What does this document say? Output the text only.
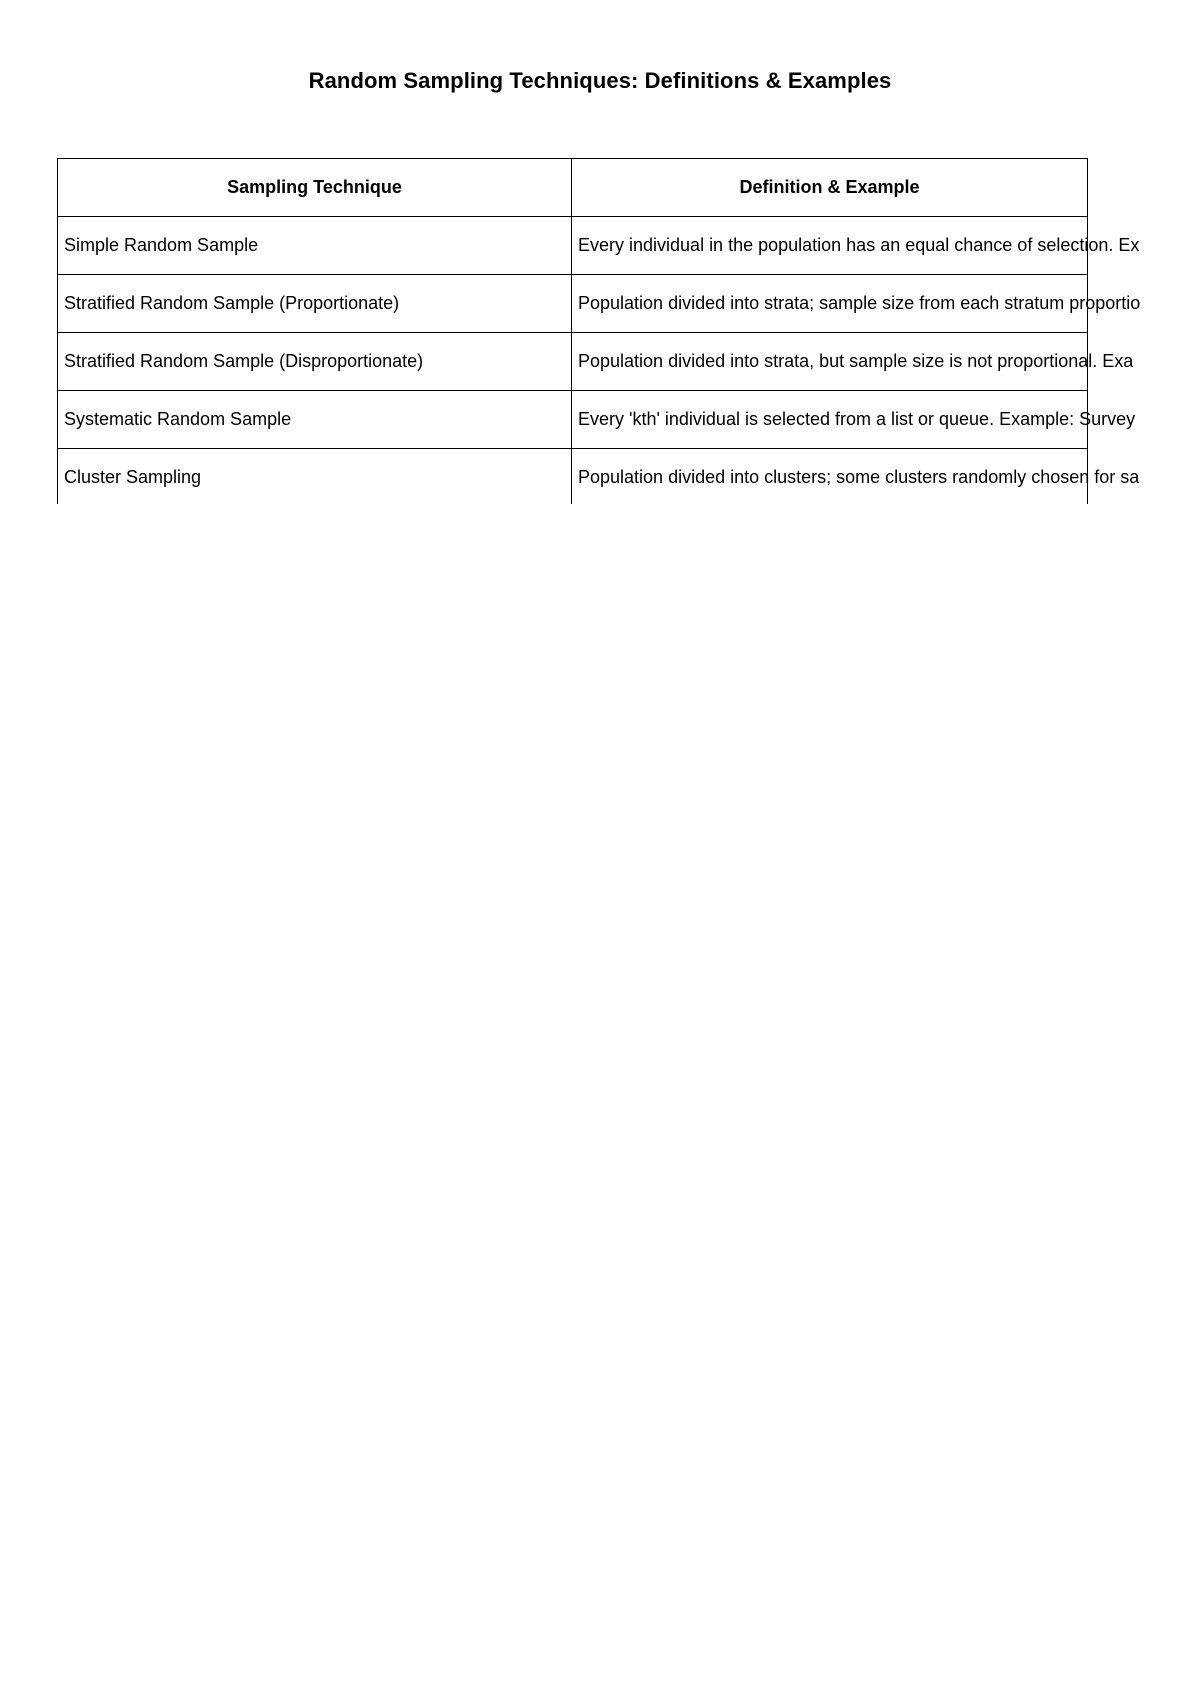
Random Sampling Techniques: Definitions & Examples
Sampling Technique	Definition & Example
Simple Random Sample	Every individual in the population has an equal chance of selection. Ex
Stratified Random Sample (Proportionate)	Population divided into strata; sample size from each stratum proportio
Stratified Random Sample (Disproportionate)	Population divided into strata, but sample size is not proportional. Exa
Systematic Random Sample	Every 'kth' individual is selected from a list or queue. Example: Survey
Cluster Sampling	Population divided into clusters; some clusters randomly chosen for sa
